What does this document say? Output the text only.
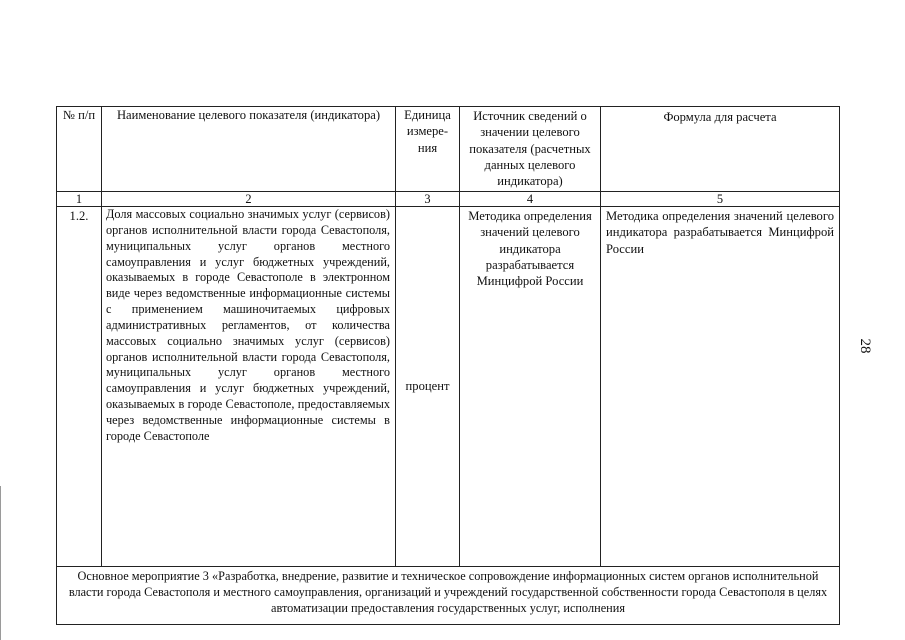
№ п/п	Наименование целевого показателя (индикатора)	Единица измере-ния	Источник сведений о значении целевого показателя (расчетных данных целевого индикатора)	Формула для расчета
1	2	3	4	5
1.2.	Доля массовых социально значимых услуг (сервисов) органов исполнительной власти города Севастополя, муниципальных услуг органов местного самоуправления и услуг бюджетных учреждений, оказываемых в городе Севастополе в электронном виде через ведомственные информационные системы с применением машиночитаемых цифровых административных регламентов, от количества массовых социально значимых услуг (сервисов) органов исполнительной власти города Севастополя, муниципальных услуг органов местного самоуправления и услуг бюджетных учреждений, оказываемых в городе Севастополе, предоставляемых через ведомственные информационные системы в городе Севастополе	процент	Методика определения значений целевого индикатора разрабатывается Минцифрой России	Методика определения значений целевого индикатора разрабатывается Минцифрой России
Основное мероприятие 3 «Разработка, внедрение, развитие и техническое сопровождение информационных систем органов исполнительной власти города Севастополя и местного самоуправления, организаций и учреждений государственной собственности города Севастополя в целях автоматизации предоставления государственных услуг, исполнения				
28
